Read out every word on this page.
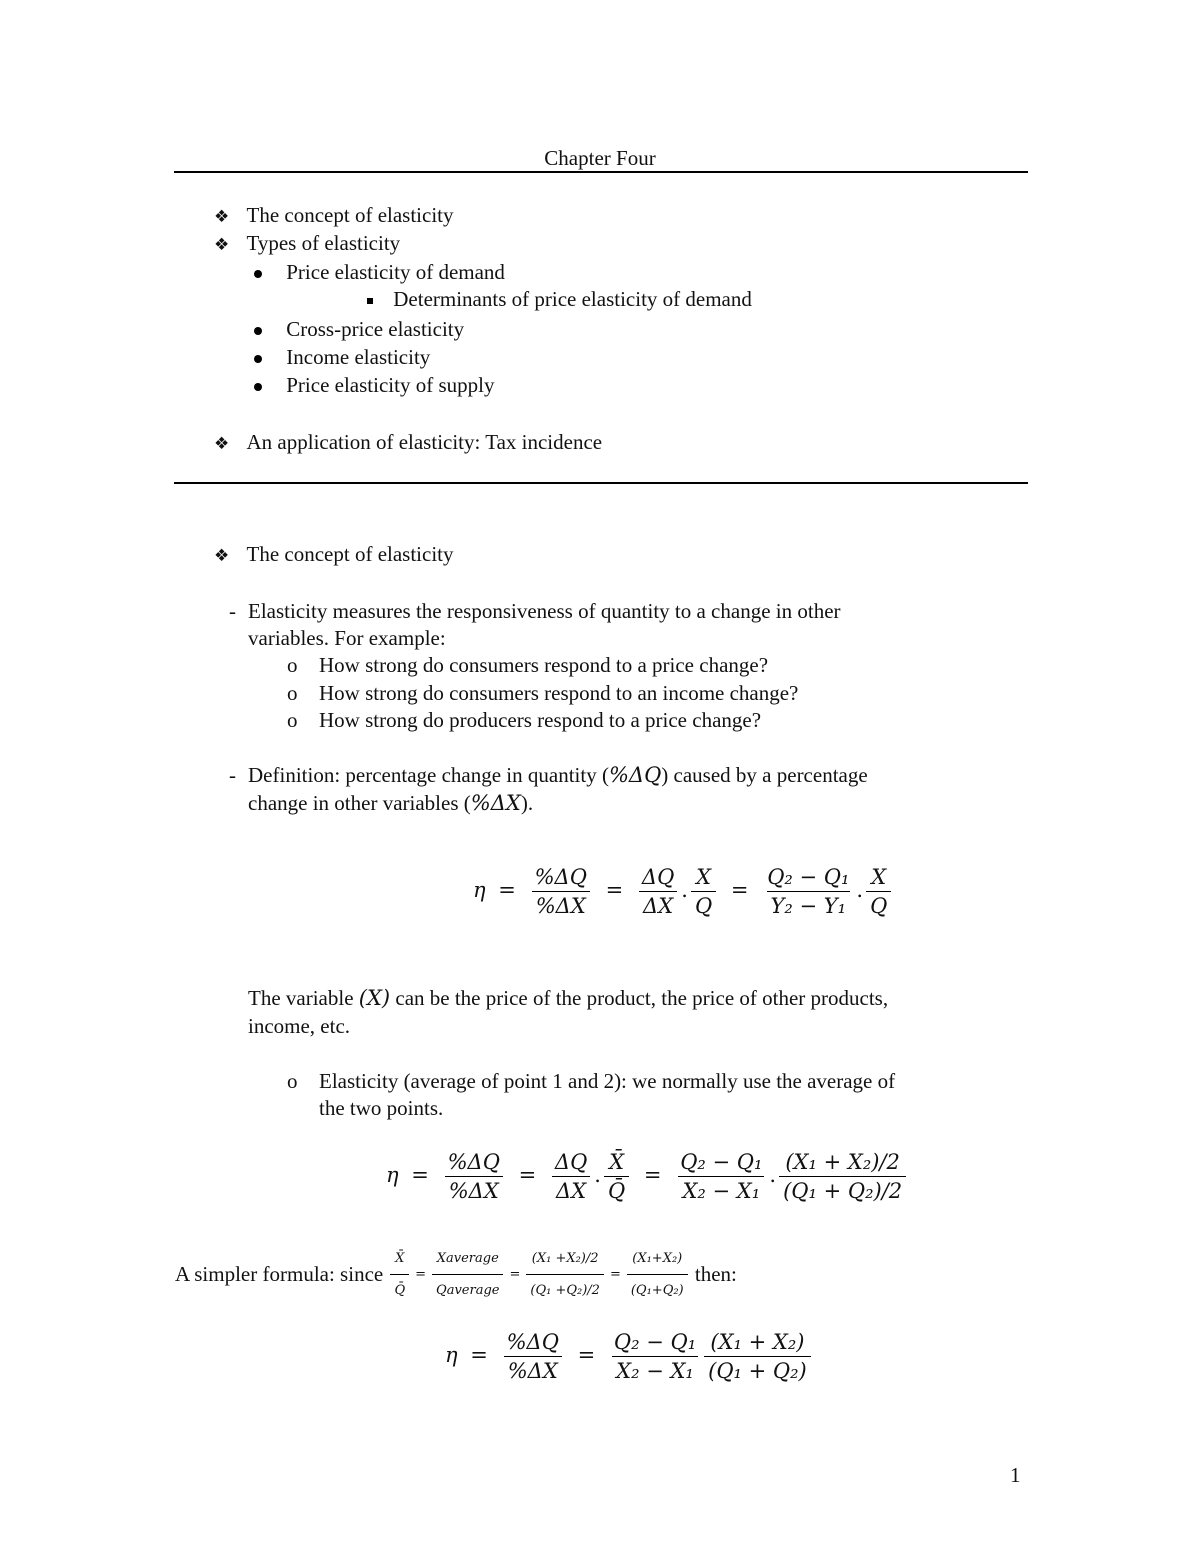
Chapter Four
❖ The concept of elasticity
❖ Types of elasticity
Price elasticity of demand
Determinants of price elasticity of demand
Cross-price elasticity
Income elasticity
Price elasticity of supply
❖ An application of elasticity: Tax incidence
❖ The concept of elasticity
- Elasticity measures the responsiveness of quantity to a change in other
variables. For example:
o How strong do consumers respond to a price change?
o How strong do consumers respond to an income change?
o How strong do producers respond to a price change?
- Definition: percentage change in quantity (%ΔQ) caused by a percentage
change in other variables (%ΔX).
$\eta = \frac{\%\Delta Q}{\%\Delta X} = \frac{\Delta Q}{\Delta X}$ . $\frac{X}{Q} = \frac{\text{Q₂ − Q₁}}{\text{Y₂ − Y₁}}$ . $\frac{X}{Q}$
The variable (X) can be the price of the product, the price of other products,
income, etc.
o Elasticity (average of point 1 and 2): we normally use the average of
the two points.
$\eta = \frac{\%\Delta Q}{\%\Delta X} = \frac{\Delta Q}{\Delta X}$ . $\frac{X̄}{Q̄} = \frac{\text{Q₂ − Q₁}}{\text{X₂ − X₁}}$ . $\frac{\text{(X₁ + X₂)/2}}{\text{(Q₁ + Q₂)/2}}$
A simpler formula: since $\frac{X̄}{Q̄} = \frac{\text{Xaverage}}{\text{Qaverage}} = \frac{\text{(X₁ +X₂)/2}}{\text{(Q₁ +Q₂)/2}} = \frac{\text{(X₁+X₂)}}{\text{(Q₁+Q₂)}}$ then:
$\eta = \frac{\%\Delta Q}{\%\Delta X} = \frac{\text{Q₂ − Q₁}}{\text{X₂ − X₁}} \frac{\text{(X₁ + X₂)}}{\text{(Q₁ + Q₂)}}$
1
